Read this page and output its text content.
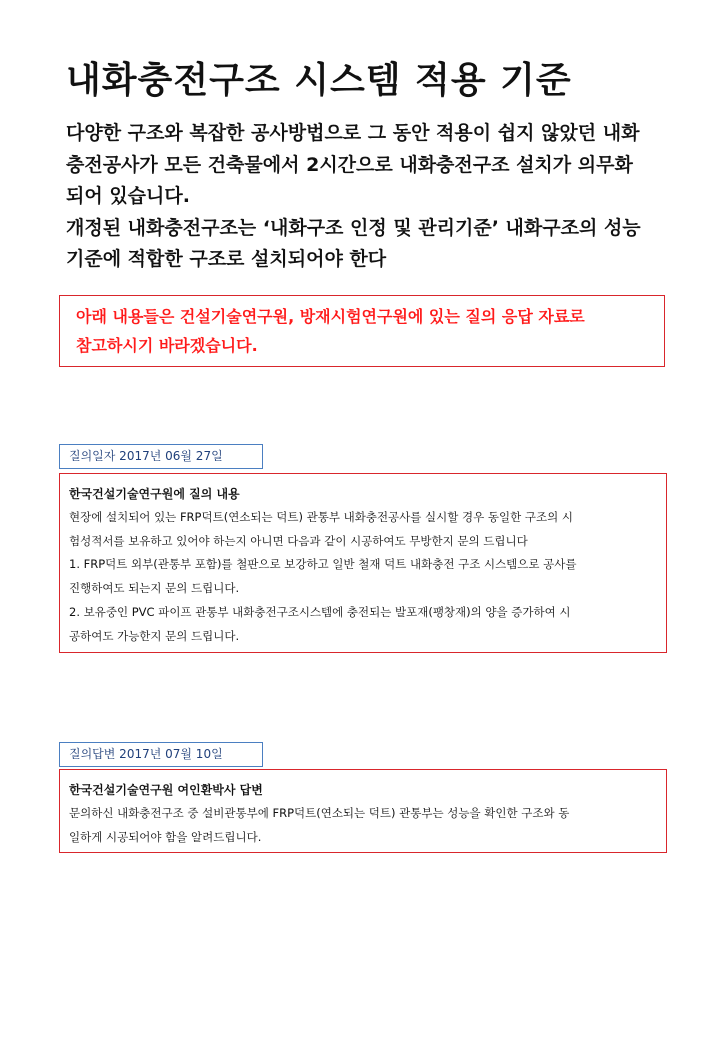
내화충전구조 시스템 적용 기준
다양한 구조와 복잡한 공사방법으로 그 동안 적용이 쉽지 않았던 내화
충전공사가 모든 건축물에서 2시간으로 내화충전구조 설치가 의무화
되어 있습니다.
개정된 내화충전구조는 ‘내화구조 인정 및 관리기준’ 내화구조의 성능
기준에 적합한 구조로 설치되어야 한다
아래 내용들은 건설기술연구원, 방재시험연구원에 있는 질의 응답 자료로
참고하시기 바라겠습니다.
질의일자 2017년 06월 27일
한국건설기술연구원에 질의 내용
현장에 설치되어 있는 FRP덕트(연소되는 덕트) 관통부 내화충전공사를 실시할 경우 동일한 구조의 시
험성적서를 보유하고 있어야 하는지 아니면 다음과 같이 시공하여도 무방한지 문의 드립니다
1. FRP덕트 외부(관통부 포함)를 철판으로 보강하고 일반 철재 덕트 내화충전 구조 시스템으로 공사를
진행하여도 되는지 문의 드립니다.
2. 보유중인 PVC 파이프 관통부 내화충전구조시스템에 충전되는 발포재(팽창재)의 양을 증가하여 시
공하여도 가능한지 문의 드립니다.
질의답변 2017년 07월 10일
한국건설기술연구원 여인환박사 답변
문의하신 내화충전구조 중 설비관통부에 FRP덕트(연소되는 덕트) 관통부는 성능을 확인한 구조와 동
일하게 시공되어야 함을 알려드립니다.
